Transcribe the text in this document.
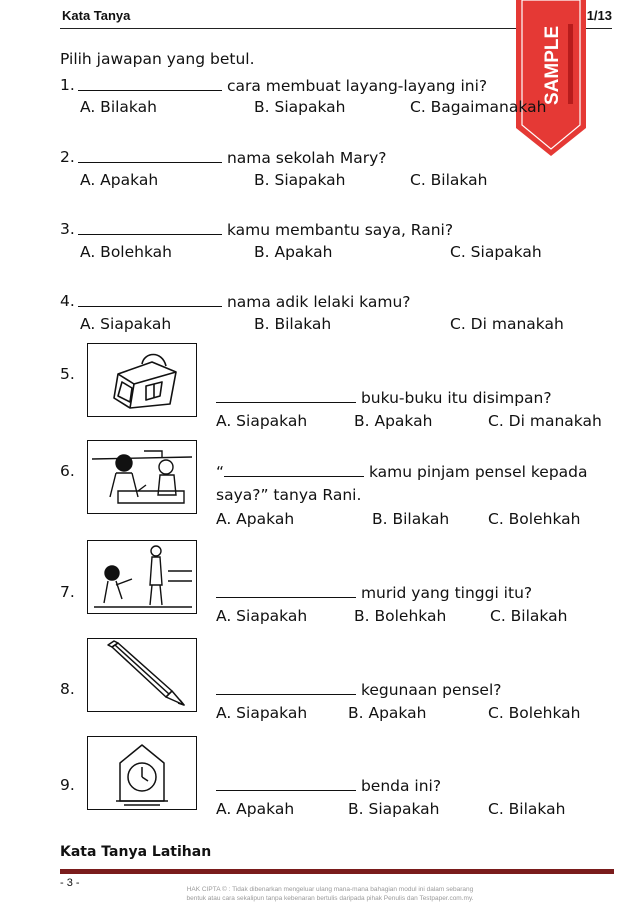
Kata Tanya	1/13
SAMPLE
Pilih jawapan yang betul.
1.	cara membuat layang-layang ini?
A. Bilakah	B. Siapakah	C. Bagaimanakah
2.	nama sekolah Mary?
A. Apakah	B. Siapakah	C. Bilakah
3.	kamu membantu saya, Rani?
A. Bolehkah	B. Apakah	C. Siapakah
4.	nama adik lelaki kamu?
A. Siapakah	B. Bilakah	C. Di manakah
5.
buku-buku itu disimpan?
A. Siapakah	B. Apakah	C. Di manakah
6.	“	kamu pinjam pensel kepada
saya?” tanya Rani.
A. Apakah	B. Bilakah C. Bolehkah
7.	murid yang tinggi itu?
A. Siapakah	B. Bolehkah	C. Bilakah
8.	kegunaan pensel?
A. Siapakah	B. Apakah	C. Bolehkah
9.	benda ini?
A. Apakah	B. Siapakah	C. Bilakah
Kata Tanya Latihan
- 3 -
HAK CIPTA © : Tidak dibenarkan mengeluar ulang mana-mana bahagian modul ini dalam sebarang
bentuk atau cara sekalipun tanpa kebenaran bertulis daripada pihak Penulis dan Testpaper.com.my.
